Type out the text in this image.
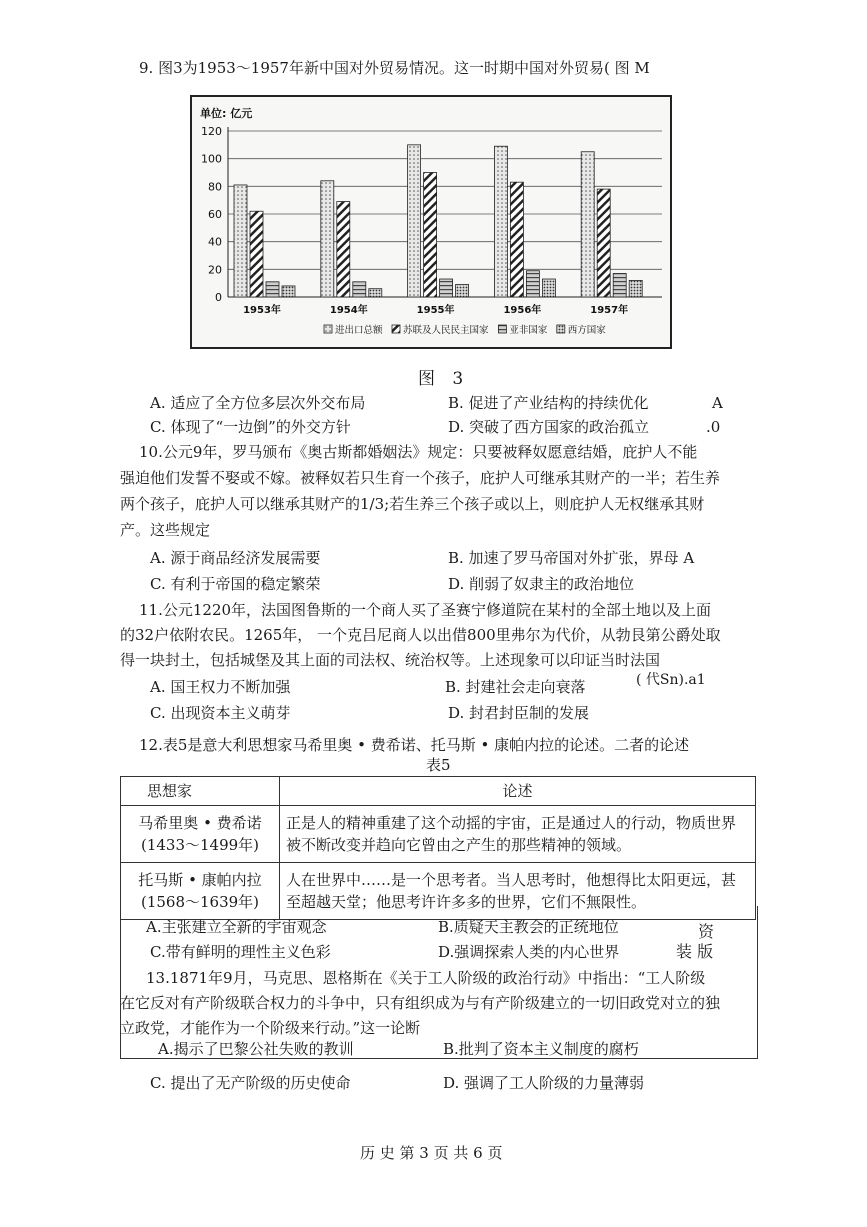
9. 图3为1953～1957年新中国对外贸易情况。这一时期中国对外贸易( 图 M
单位: 亿元
0
20
40
60
80
100
120
1953年	1954年	1955年	1956年	1957年
进出口总额 苏联及人民民主国家 亚非国家 西方国家
图 3
A. 适应了全方位多层次外交布局	B. 促进了产业结构的持续优化	A
C. 体现了“一边倒”的外交方针	D. 突破了西方国家的政治孤立	.0
10.公元9年，罗马颁布《奥古斯都婚姻法》规定：只要被释奴愿意结婚，庇护人不能
强迫他们发誓不娶或不嫁。被释奴若只生育一个孩子，庇护人可继承其财产的一半；若生养
两个孩子，庇护人可以继承其财产的1/3;若生养三个孩子或以上，则庇护人无权继承其财
产。这些规定
A. 源于商品经济发展需要	B. 加速了罗马帝国对外扩张，界母 A
C. 有利于帝国的稳定繁荣	D. 削弱了奴隶主的政治地位
11.公元1220年，法国图鲁斯的一个商人买了圣赛宁修道院在某村的全部土地以及上面
的32户依附农民。1265年， 一个克吕尼商人以出借800里弗尔为代价，从勃艮第公爵处取
得一块封土，包括城堡及其上面的司法权、统治权等。上述现象可以印证当时法国
A. 国王权力不断加强	B. 封建社会走向衰落	( 代Sn).a1
C. 出现资本主义萌芽	D. 封君封臣制的发展
12.表5是意大利思想家马希里奥 • 费希诺、托马斯 • 康帕内拉的论述。二者的论述
表5
思想家	论述

马希里奥 • 费希诺
(1433～1499年)	正是人的精神重建了这个动摇的宇宙，正是通过人的行动，物质世界被不断改变并趋向它曾由之产生的那些精神的领域。

托马斯 • 康帕内拉
(1568～1639年)	人在世界中……是一个思考者。当人思考时，他想得比太阳更远，甚至超越天堂；他思考许许多多的世界，它们不無限性。
A.主张建立全新的宇宙观念	B.质疑天主教会的正统地位	资
C.带有鲜明的理性主义色彩	D.强调探索人类的内心世界	装 版
13.1871年9月，马克思、恩格斯在《关于工人阶级的政治行动》中指出：“工人阶级
在它反对有产阶级联合权力的斗争中，只有组织成为与有产阶级建立的一切旧政党对立的独
立政党，才能作为一个阶级来行动。”这一论断
A.揭示了巴黎公社失败的教训	B.批判了资本主义制度的腐朽
C. 提出了无产阶级的历史使命	D. 强调了工人阶级的力量薄弱
历 史 第 3 页 共 6 页
